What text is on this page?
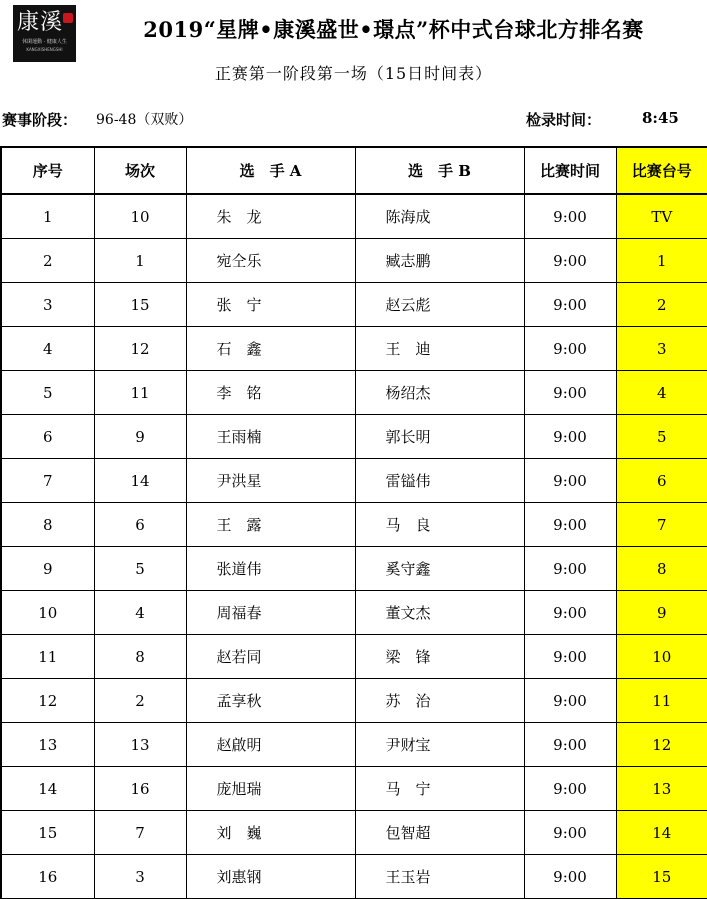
康溪
休閑運動 · 健康人生
KANGXISHENGSHI
2019“星牌•康溪盛世•璟点”杯中式台球北方排名赛
正赛第一阶段第一场（15日时间表）
赛事阶段： 96-48（双败）	检录时间：	8:45
序号	场次	选　手 A	选　手 B	比赛时间	比赛台号
1	10	朱　龙	陈海成	9:00	TV
2	1	宛仝乐	臧志鹏	9:00	1
3	15	张　宁	赵云彪	9:00	2
4	12	石　鑫	王　迪	9:00	3
5	11	李　铭	杨绍杰	9:00	4
6	9	王雨楠	郭长明	9:00	5
7	14	尹洪星	雷镒伟	9:00	6
8	6	王　露	马　良	9:00	7
9	5	张道伟	奚守鑫	9:00	8
10	4	周福春	董文杰	9:00	9
11	8	赵若同	梁　锋	9:00	10
12	2	孟享秋	苏　治	9:00	11
13	13	赵啟明	尹财宝	9:00	12
14	16	庞旭瑞	马　宁	9:00	13
15	7	刘　巍	包智超	9:00	14
16	3	刘惠钢	王玉岩	9:00	15
